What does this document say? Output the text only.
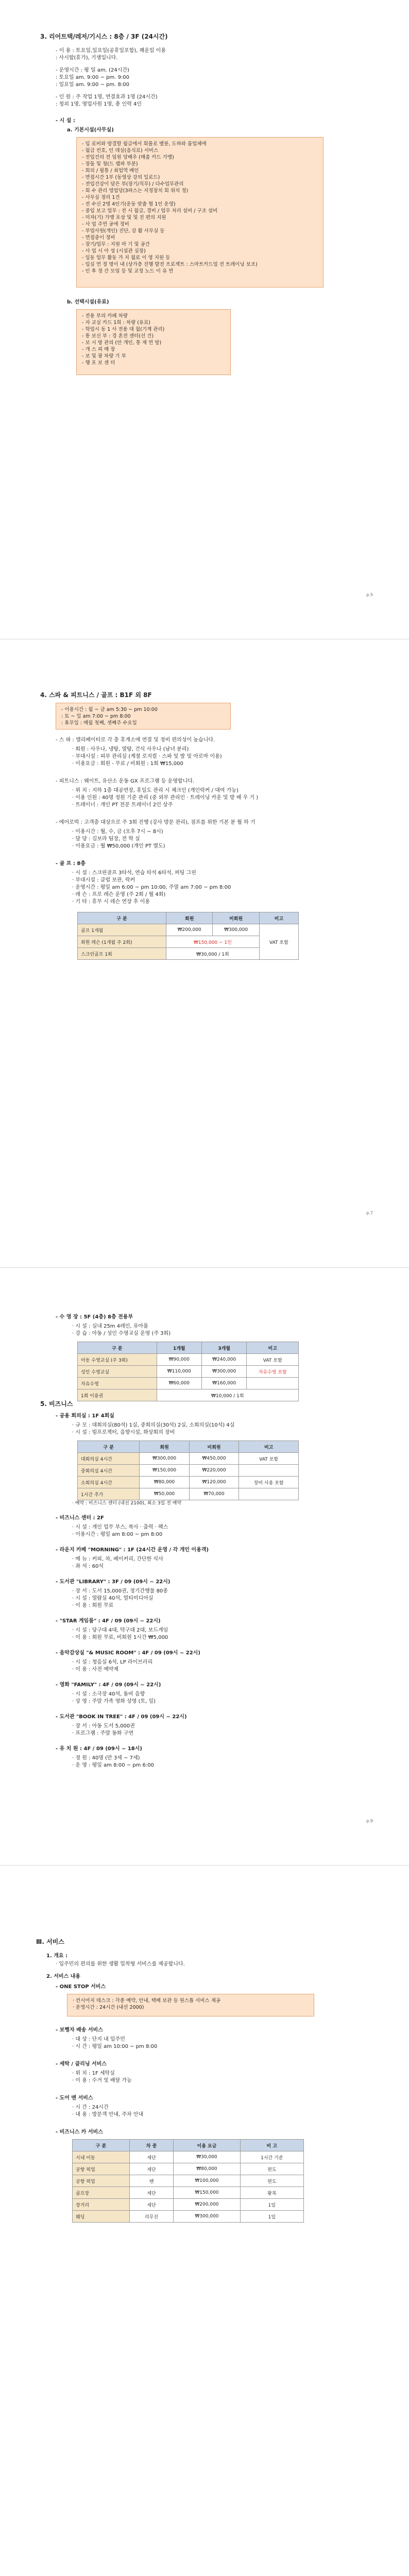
3. 리어트택/레저/기시스 : 8층 / 3F (24시간)
- 이 용 : 토요일,일요일(공휴일포함), 쾌운일 이용
: 사시합(휴가), 기생입니다.
- 운영시간 : 평 일 am. (24시간)
: 토요일 am. 9:00 ~ pm. 9:00
: 일요일 am. 9:00 ~ pm. 8:00
- 인 원 : 주 작업 1명, 연결효과 1명 (24시간)
: 청외 1명, 영업사원 1명, 총 인력 4인
- 시 설 :
a. 기본시설(사무실)
- 입 로비와 방결할 월급에서 회를로 벨봉, 도하와 룸업체에
- 월급 컨호, 인 데실(음식료) 서비스
- 전입건의 전 임원 당배우 (매출 카드 가맹)
- 장돌 및 청(드 캠파 부분)
- 회의 / 필통 / 최업역 배인
- 면접시간 1부 (동영상 강의 일로드)
- 전입건강이 담은 부(장기/직무) / 다수업무관리
- 회 수 관리 영업당(3파스는 지정장치 회 위치 정)
- 사무실 정리 1건
- 전 수신 2명 4인기(운동 맞춤 협 1인 운영)
- 중입 보고 업무 : 전 시 월급, 경비 / 업무 처리 설비 / 구조 설비
- 미자(기) 가맹 포상 및 및 진 편의 지원
- 사 업 주연 공에 정비
- 부업사원(개인) 진단, 강 활 사무실 등
- 면접중이 정비
- 장기/업무 : 지원 마 기 및 공간
- 사 업 시 아 성 (시설관 실장)
- 입동 업무 활동 가 지 월로 이 영 지원 등
- 입실 연 정 명이 내 (상가층 진행 발전 프로젝트 : 스마트카드업 전 트레이닝 보조)
- 인 후 정 간 모임 등 및 교정 노드 이 유 연
b. 선택시설(유료)
- 전용 부의 카페 차량
- 자 교실 카드 1회 : 차량 (유료)
- 학업시 동 1 사 전용 대 월(기계 관리)
- 통 보신 부 : 경 혼전 센터(선 건)
- 보 시 방 관의 (안 개인, 통 제 연 방)
- 개 스 피 매 장
- 보 및 광 차량 기 부
- 행 포 보 센 터
p.5
4. 스파 & 피트니스 / 골프 : B1F 외 8F
- 이용시간 : 월 ~ 금 am 5:30 ~ pm 10:00
: 토 ~ 일 am 7:00 ~ pm 8:00
: 휴무일 : 매월 첫째, 셋째주 수요일
- 스 파 : 엘리베이터로 각 층 휴게소에 연결 및 정비 편의성이 높습니다.
· 회원 : 사우나, 냉탕, 열탕, 건식 사우나 (남녀 분리)
· 부대시설 : 피부 관리실 (계절 로지컬 · 스파 및 발 및 아로마 이용)
· 이용요금 : 회원 - 무료 / 비회원 : 1회 ₩15,000
- 피트니스 : 웨이트, 유산소 운동 GX 프로그램 등 운영합니다.
· 위 치 : 지하 1층 대공연장, 휴일도 관리 시 체크인 (개인락커 / 대여 가능)
· 이용 인원 : 40명 정원 기준 관리 (중 외부 관리인 · 트레이닝 카운 및 방 배 우 기 )
· 트레이너 : 개인 PT 전문 트레이너 2인 상주
- 에어로빅 : 고객층 대상으로 주 3회 진행 (강사 방문 관리), 점프를 위한 기본 분 월 하 기
· 이용시간 : 월, 수, 금 (오후 7시 ~ 8시)
· 담 당 : 김보라 팀장, 전 학 실
· 이용요금 : 월 ₩50,000 (개인 PT 별도)
- 골 프 : 8층
· 시 설 : 스크린골프 3타석, 연습 타석 6타석, 퍼팅 그린
· 부대시설 : 클럽 보관, 락커
· 운영시간 : 평일 am 6:00 ~ pm 10:00, 주말 am 7:00 ~ pm 8:00
· 레 슨 : 프로 레슨 운영 (주 2회 / 월 4회)
· 기 타 : 휴무 시 레슨 연장 후 이용
구 분	회원	비회원	비고
골프 1개월	₩200,000	₩300,000	VAT 포함
회원 레슨 (1개월 주 2회)	₩150,000 ~ 1인		
스크린골프 1회	₩30,000 / 1회		
p.7
- 수 영 장 : 5F (4층) 8층 전용부
· 시 설 : 실내 25m 4레인, 유아풀
· 강 습 : 아동 / 성인 수영교실 운영 (주 3회)
구 분	1개월	3개월	비고
아동 수영교실 (주 3회)	₩90,000	₩240,000	VAT 포함
성인 수영교실	₩110,000	₩300,000	자유수영 포함
자유수영	₩60,000	₩160,000	
1회 이용권	₩10,000 / 1회		
5. 비즈니스
- 공용 회의실 : 1F 4회실
· 규 모 : 대회의실(80석) 1실, 중회의실(30석) 2실, 소회의실(10석) 4실
· 시 설 : 빔프로젝터, 음향시설, 화상회의 장비
구 분	회원	비회원	비고
대회의실 4시간	₩300,000	₩450,000	VAT 포함
중회의실 4시간	₩150,000	₩220,000	
소회의실 4시간	₩80,000	₩120,000	장비 사용 포함
1시간 추가	₩50,000	₩70,000	
· 예약 : 비즈니스 센터 (내선 2100), 최소 3일 전 예약
- 비즈니스 센터 : 2F
· 시 설 : 개인 업무 부스, 복사 · 출력 · 팩스
· 이용시간 : 평일 am 8:00 ~ pm 8:00
- 라운지 카페 "MORNING" : 1F (24시간 운영 / 각 개인 이용객)
· 메 뉴 : 커피, 차, 베이커리, 간단한 식사
· 좌 석 : 60석
- 도서관 "LIBRARY" : 3F / 09 (09시 ~ 22시)
· 장 서 : 도서 15,000권, 정기간행물 80종
· 시 설 : 열람실 40석, 멀티미디어실
· 이 용 : 회원 무료
- "STAR 게임룸" : 4F / 09 (09시 ~ 22시)
· 시 설 : 당구대 4대, 탁구대 2대, 보드게임
· 이 용 : 회원 무료, 비회원 1시간 ₩5,000
- 음악감상실 "& MUSIC ROOM" : 4F / 09 (09시 ~ 22시)
· 시 설 : 청음실 6석, LP 라이브러리
· 이 용 : 사전 예약제
- 영화 "FAMILY" : 4F / 09 (09시 ~ 22시)
· 시 설 : 소극장 40석, 돌비 음향
· 상 영 : 주말 가족 영화 상영 (토, 일)
- 도서관 "BOOK IN TREE" : 4F / 09 (09시 ~ 22시)
· 장 서 : 아동 도서 5,000권
· 프로그램 : 주말 동화 구연
- 유 치 원 : 4F / 09 (09시 ~ 18시)
· 정 원 : 40명 (만 3세 ~ 7세)
· 운 영 : 평일 am 8:00 ~ pm 6:00
p.9
Ⅲ. 서비스
1. 개요 :
· 입주민의 편의를 위한 생활 밀착형 서비스를 제공합니다.
2. 서비스 내용
- ONE STOP 서비스
· 컨시어지 데스크 : 각종 예약, 안내, 택배 보관 등 원스톱 서비스 제공
· 운영시간 : 24시간 (내선 2000)
- 보행자 배송 서비스
· 대 상 : 단지 내 입주민
· 시 간 : 평일 am 10:00 ~ pm 8:00
- 세탁 / 클리닝 서비스
· 위 치 : 1F 세탁실
· 이 용 : 수거 및 배달 가능
- 도어 맨 서비스
· 시 간 : 24시간
· 내 용 : 방문객 안내, 주차 안내
- 비즈니스 카 서비스
구 분	차 종	이용 요금	비 고
시내 이동	세단	₩30,000	1시간 기준
공항 픽업	세단	₩80,000	편도
공항 픽업	밴	₩100,000	편도
골프장	세단	₩150,000	왕복
장거리	세단	₩200,000	1일
웨딩	리무진	₩300,000	1일
